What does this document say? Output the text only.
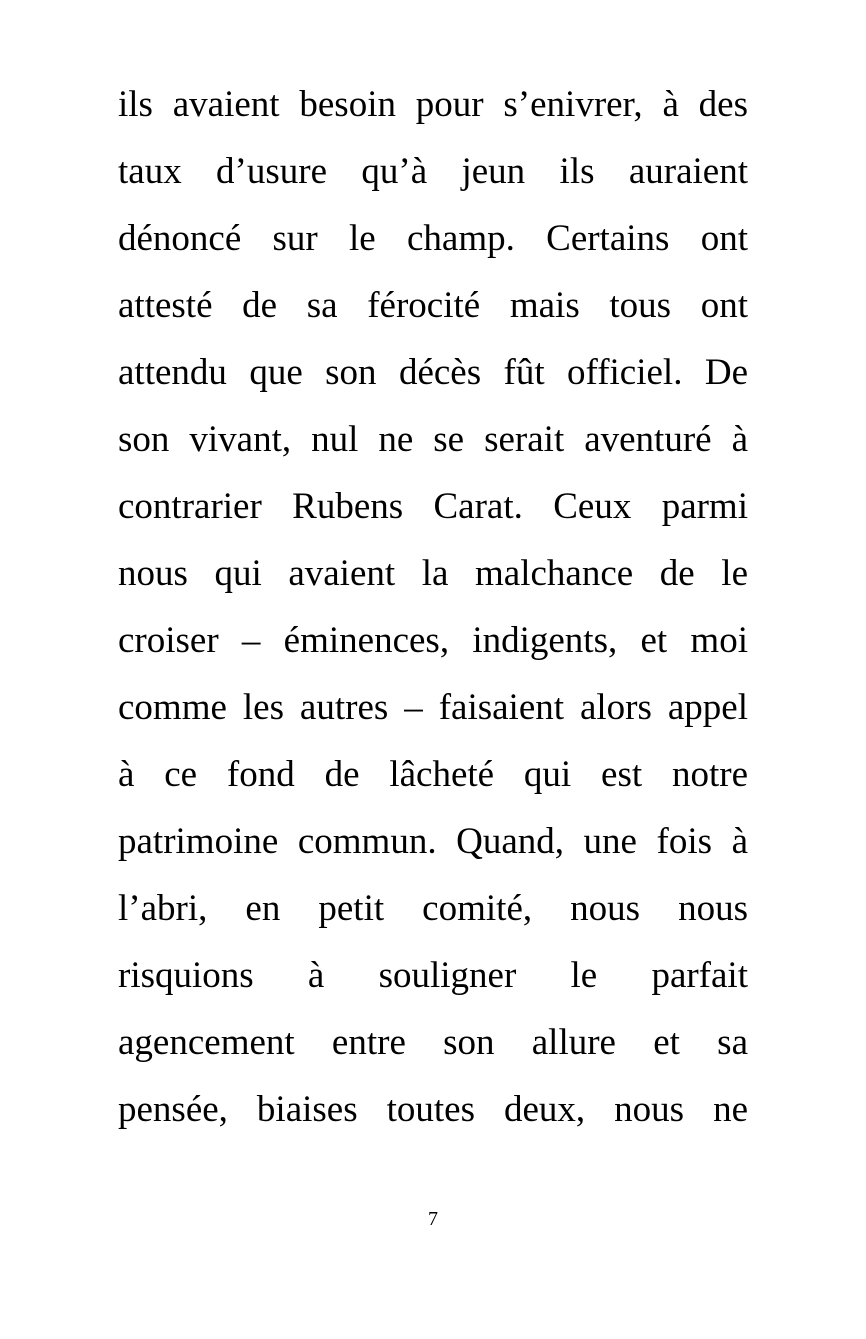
ils avaient besoin pour s’enivrer, à des
taux d’usure qu’à jeun ils auraient
dénoncé sur le champ. Certains ont
attesté de sa férocité mais tous ont
attendu que son décès fût officiel. De
son vivant, nul ne se serait aventuré à
contrarier Rubens Carat. Ceux parmi
nous qui avaient la malchance de le
croiser – éminences, indigents, et moi
comme les autres – faisaient alors appel
à ce fond de lâcheté qui est notre
patrimoine commun. Quand, une fois à
l’abri, en petit comité, nous nous
risquions à souligner le parfait
agencement entre son allure et sa
pensée, biaises toutes deux, nous ne

7
